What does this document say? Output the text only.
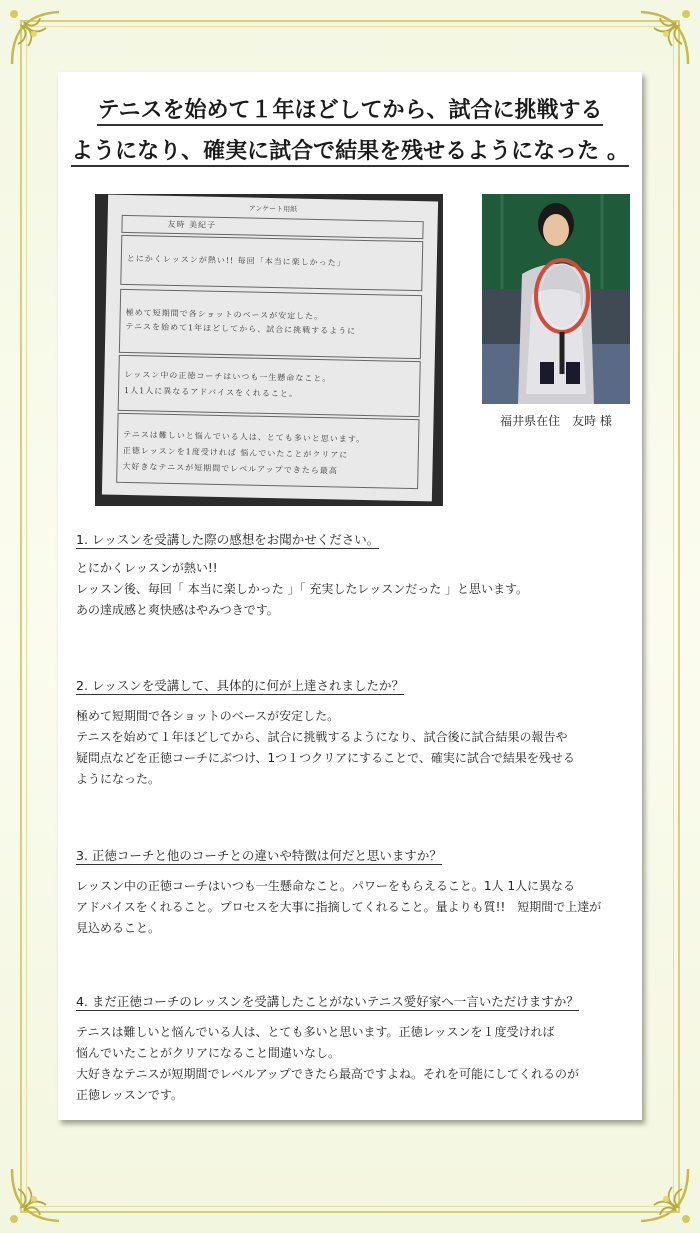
テニスを始めて１年ほどしてから、試合に挑戦する
ようになり、確実に試合で結果を残せるようになった 。
アンケート用紙
友時 美紀子
とにかくレッスンが熱い!! 毎回「本当に楽しかった」
極めて短期間で各ショットのベースが安定した。
テニスを始めて1年ほどしてから、試合に挑戦するように
レッスン中の正徳コーチはいつも一生懸命なこと。
1人1人に異なるアドバイスをくれること。
テニスは難しいと悩んでいる人は、とても多いと思います。
正徳レッスンを1度受ければ 悩んでいたことがクリアに
大好きなテニスが短期間でレベルアップできたら最高
福井県在住　友時 様
1. レッスンを受講した際の感想をお聞かせください。
とにかくレッスンが熱い!!
レッスン後、毎回「 本当に楽しかった 」「 充実したレッスンだった 」と思います。
あの達成感と爽快感はやみつきです。
2. レッスンを受講して、具体的に何が上達されましたか？
極めて短期間で各ショットのベースが安定した。
テニスを始めて１年ほどしてから、試合に挑戦するようになり、試合後に試合結果の報告や
疑問点などを正徳コーチにぶつけ、1つ１つクリアにすることで、確実に試合で結果を残せる
ようになった。
3. 正徳コーチと他のコーチとの違いや特徴は何だと思いますか？
レッスン中の正徳コーチはいつも一生懸命なこと。パワーをもらえること。1人 1人に異なる
アドバイスをくれること。プロセスを大事に指摘してくれること。量よりも質!!　短期間で上達が
見込めること。
4. まだ正徳コーチのレッスンを受講したことがないテニス愛好家へ一言いただけますか？
テニスは難しいと悩んでいる人は、とても多いと思います。正徳レッスンを１度受ければ
悩んでいたことがクリアになること間違いなし。
大好きなテニスが短期間でレベルアップできたら最高ですよね。それを可能にしてくれるのが
正徳レッスンです。
